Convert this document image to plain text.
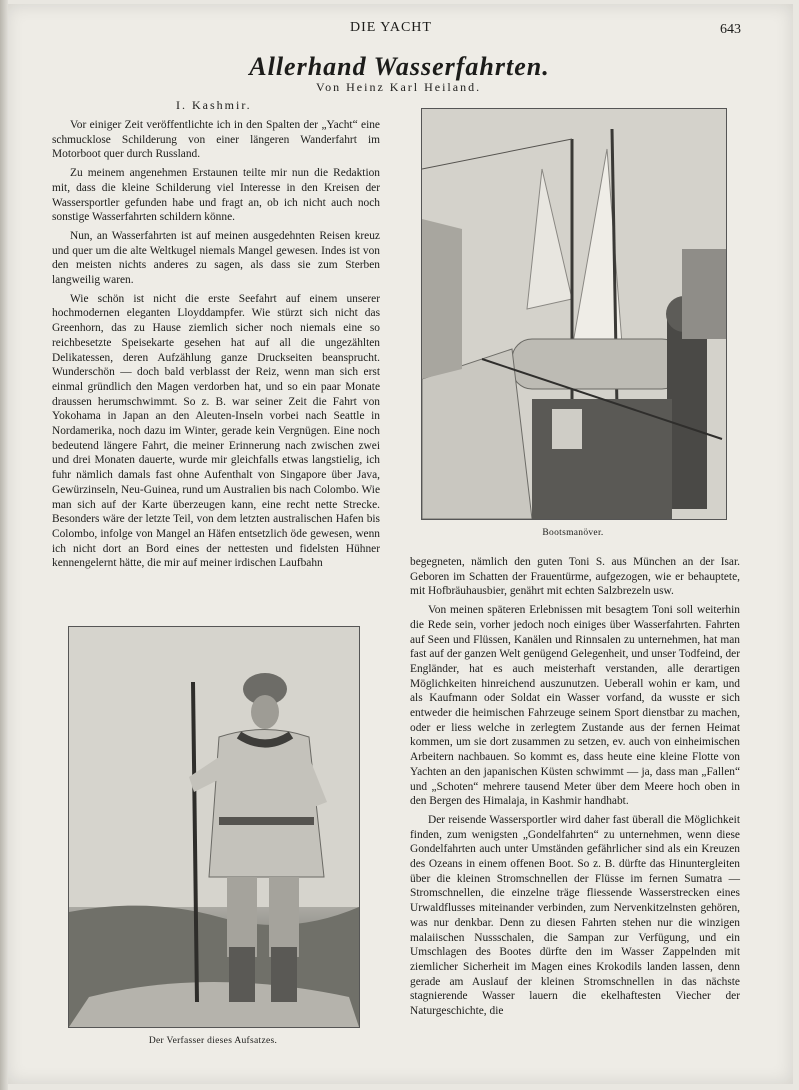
DIE YACHT	643
Allerhand Wasserfahrten.
Von Heinz Karl Heiland.
I. Kashmir.

Vor einiger Zeit veröffentlichte ich in den Spalten der „Yacht“ eine schmucklose Schilderung von einer längeren Wanderfahrt im Motorboot quer durch Russland.

Zu meinem angenehmen Erstaunen teilte mir nun die Redaktion mit, dass die kleine Schilderung viel Interesse in den Kreisen der Wassersportler gefunden habe und fragt an, ob ich nicht auch noch sonstige Wasserfahrten schildern könne.

Nun, an Wasserfahrten ist auf meinen ausgedehnten Reisen kreuz und quer um die alte Weltkugel niemals Mangel gewesen. Indes ist von den meisten nichts anderes zu sagen, als dass sie zum Sterben langweilig waren.

Wie schön ist nicht die erste Seefahrt auf einem unserer hochmodernen eleganten Lloyddampfer. Wie stürzt sich nicht das Greenhorn, das zu Hause ziemlich sicher noch niemals eine so reichbesetzte Speisekarte gesehen hat auf all die ungezählten Delikatessen, deren Aufzählung ganze Druckseiten beansprucht. Wunderschön — doch bald verblasst der Reiz, wenn man sich erst einmal gründlich den Magen verdorben hat, und so ein paar Monate draussen herumschwimmt. So z. B. war seiner Zeit die Fahrt von Yokohama in Japan an den Aleuten-Inseln vorbei nach Seattle in Nordamerika, noch dazu im Winter, gerade kein Vergnügen. Eine noch bedeutend längere Fahrt, die meiner Erinnerung nach zwischen zwei und drei Monaten dauerte, wurde mir gleichfalls etwas langstielig, ich fuhr nämlich damals fast ohne Aufenthalt von Singapore über Java, Gewürzinseln, Neu-Guinea, rund um Australien bis nach Colombo. Wie man sich auf der Karte überzeugen kann, eine recht nette Strecke. Besonders wäre der letzte Teil, von dem letzten australischen Hafen bis Colombo, infolge von Mangel an Häfen entsetzlich öde gewesen, wenn ich nicht dort an Bord eines der nettesten und fidelsten Hühner kennengelernt hätte, die mir auf meiner irdischen Laufbahn

Bootsmanöver.

begegneten, nämlich den guten Toni S. aus München an der Isar. Geboren im Schatten der Frauentürme, aufgezogen, wie er behauptete, mit Hofbräuhausbier, genährt mit echten Salzbrezeln usw.

Von meinen späteren Erlebnissen mit besagtem Toni soll weiterhin die Rede sein, vorher jedoch noch einiges über Wasserfahrten. Fahrten auf Seen und Flüssen, Kanälen und Rinnsalen zu unternehmen, hat man fast auf der ganzen Welt genügend Gelegenheit, und unser Todfeind, der Engländer, hat es auch meisterhaft verstanden, alle derartigen Möglichkeiten hinreichend auszunutzen. Ueberall wohin er kam, und als Kaufmann oder Soldat ein Wasser vorfand, da wusste er sich entweder die heimischen Fahrzeuge seinem Sport dienstbar zu machen, oder er liess welche in zerlegtem Zustande aus der fernen Heimat kommen, um sie dort zusammen zu setzen, ev. auch von einheimischen Arbeitern nachbauen. So kommt es, dass heute eine kleine Flotte von Yachten an den japanischen Küsten schwimmt — ja, dass man „Fallen“ und „Schoten“ mehrere tausend Meter über dem Meere hoch oben in den Bergen des Himalaja, in Kashmir handhabt.

Der reisende Wassersportler wird daher fast überall die Möglichkeit finden, zum wenigsten „Gondelfahrten“ zu unternehmen, wenn diese Gondelfahrten auch unter Umständen gefährlicher sind als ein Kreuzen des Ozeans in einem offenen Boot. So z. B. dürfte das Hinuntergleiten über die kleinen Stromschnellen der Flüsse im fernen Sumatra — Stromschnellen, die einzelne träge fliessende Wasserstrecken eines Urwaldflusses miteinander verbinden, zum Nervenkitzelnsten gehören, was nur denkbar. Denn zu diesen Fahrten stehen nur die winzigen malaiischen Nussschalen, die Sampan zur Verfügung, und ein Umschlagen des Bootes dürfte den im Wasser Zappelnden mit ziemlicher Sicherheit im Magen eines Krokodils landen lassen, denn gerade am Auslauf der kleinen Stromschnellen in das nächste stagnierende Wasser lauern die ekelhaftesten Viecher der Naturgeschichte, die

Der Verfasser dieses Aufsatzes.
